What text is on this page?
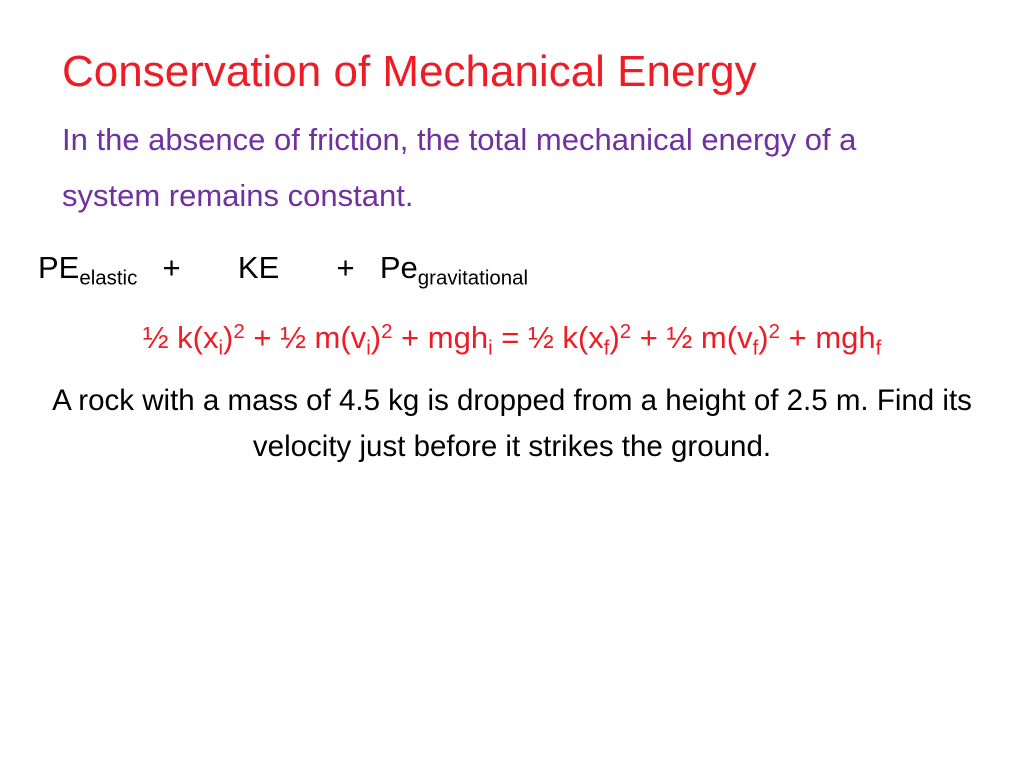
Conservation of Mechanical Energy
In the absence of friction, the total mechanical energy of a system remains constant.
$PE_{elastic}$ + KE + $Pe_{gravitational}$
½ $k(x_i)^2$ + ½ $m(v_i)^2 + mgh_i$ = ½ $k(x_f)^2$ + ½ $m(v_f)^2 + mgh_f$
A rock with a mass of 4.5 kg is dropped from a height of 2.5 m. Find its velocity just before it strikes the ground.
